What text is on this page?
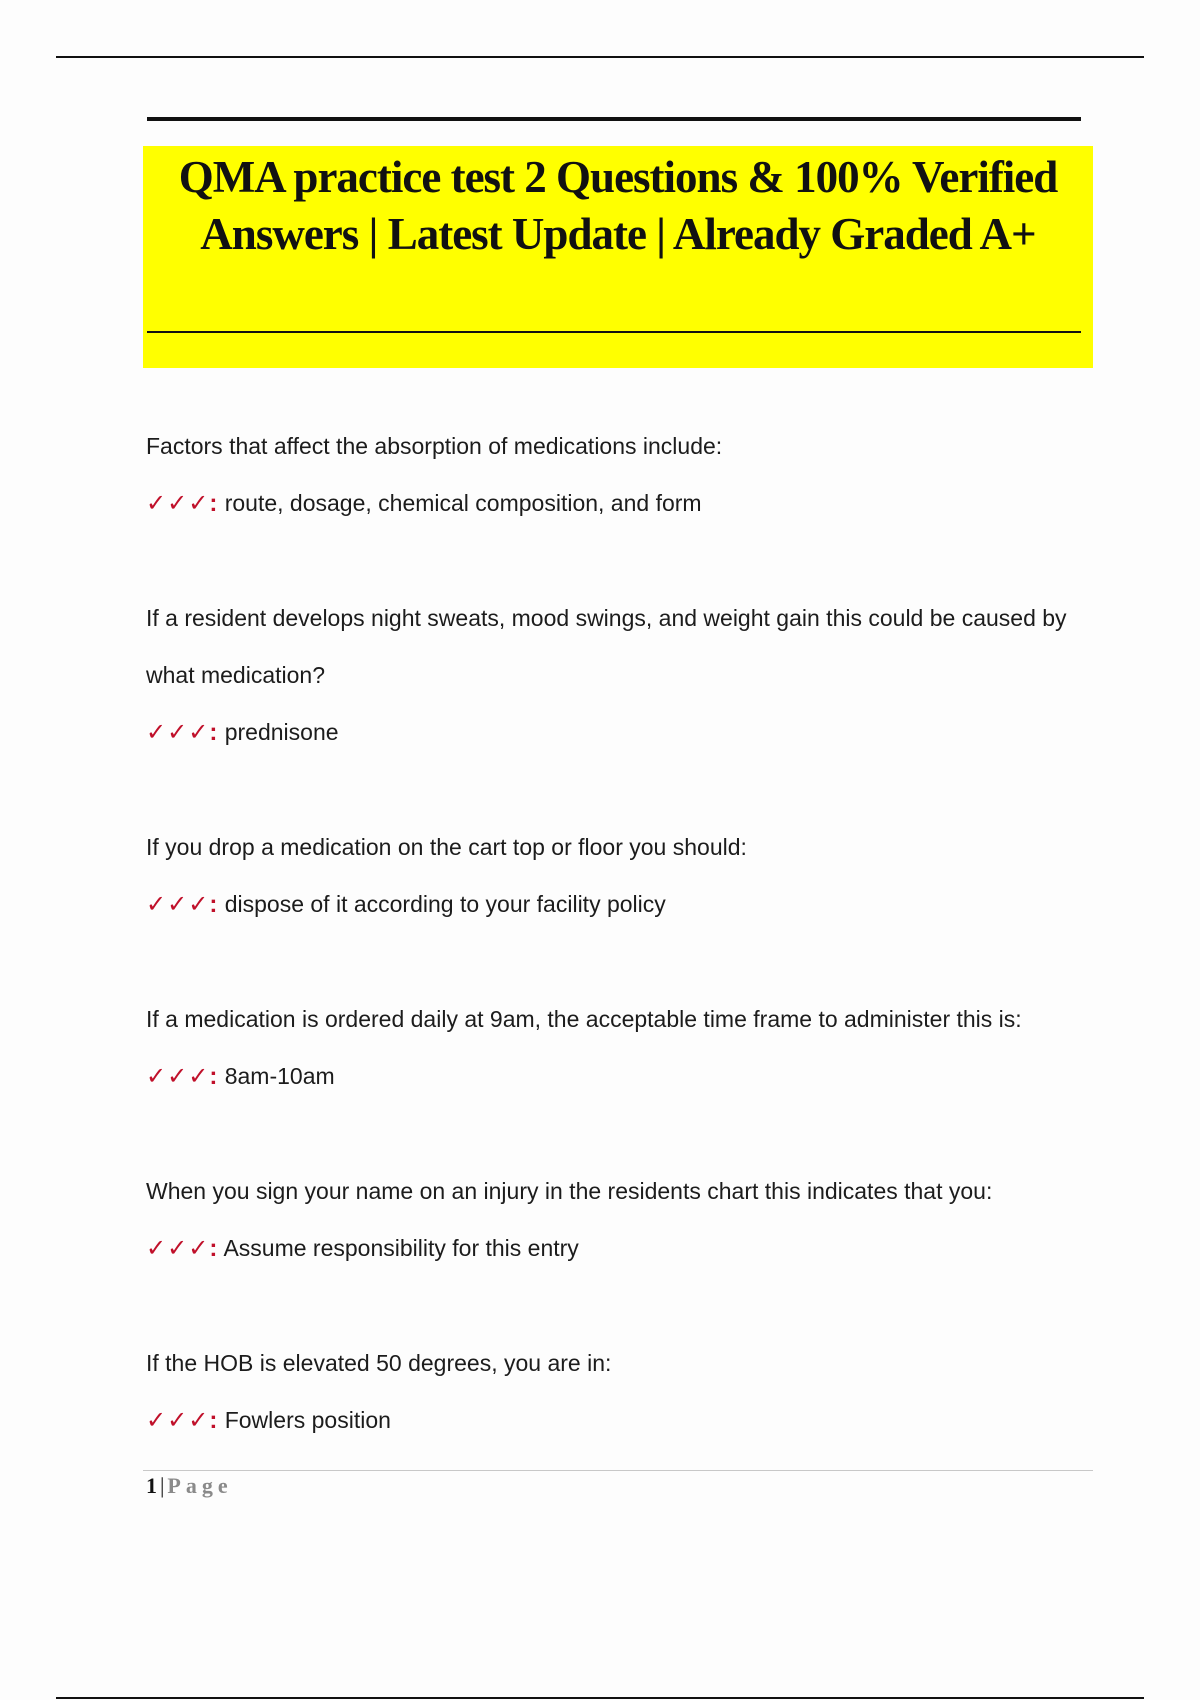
QMA practice test 2 Questions & 100% Verified Answers | Latest Update | Already Graded A+

Factors that affect the absorption of medications include:

✓✓✓: route, dosage, chemical composition, and form

If a resident develops night sweats, mood swings, and weight gain this could be caused by what medication?

✓✓✓: prednisone

If you drop a medication on the cart top or floor you should:

✓✓✓: dispose of it according to your facility policy

If a medication is ordered daily at 9am, the acceptable time frame to administer this is:

✓✓✓: 8am-10am

When you sign your name on an injury in the residents chart this indicates that you:

✓✓✓: Assume responsibility for this entry

If the HOB is elevated 50 degrees, you are in:

✓✓✓: Fowlers position

1 | Page
